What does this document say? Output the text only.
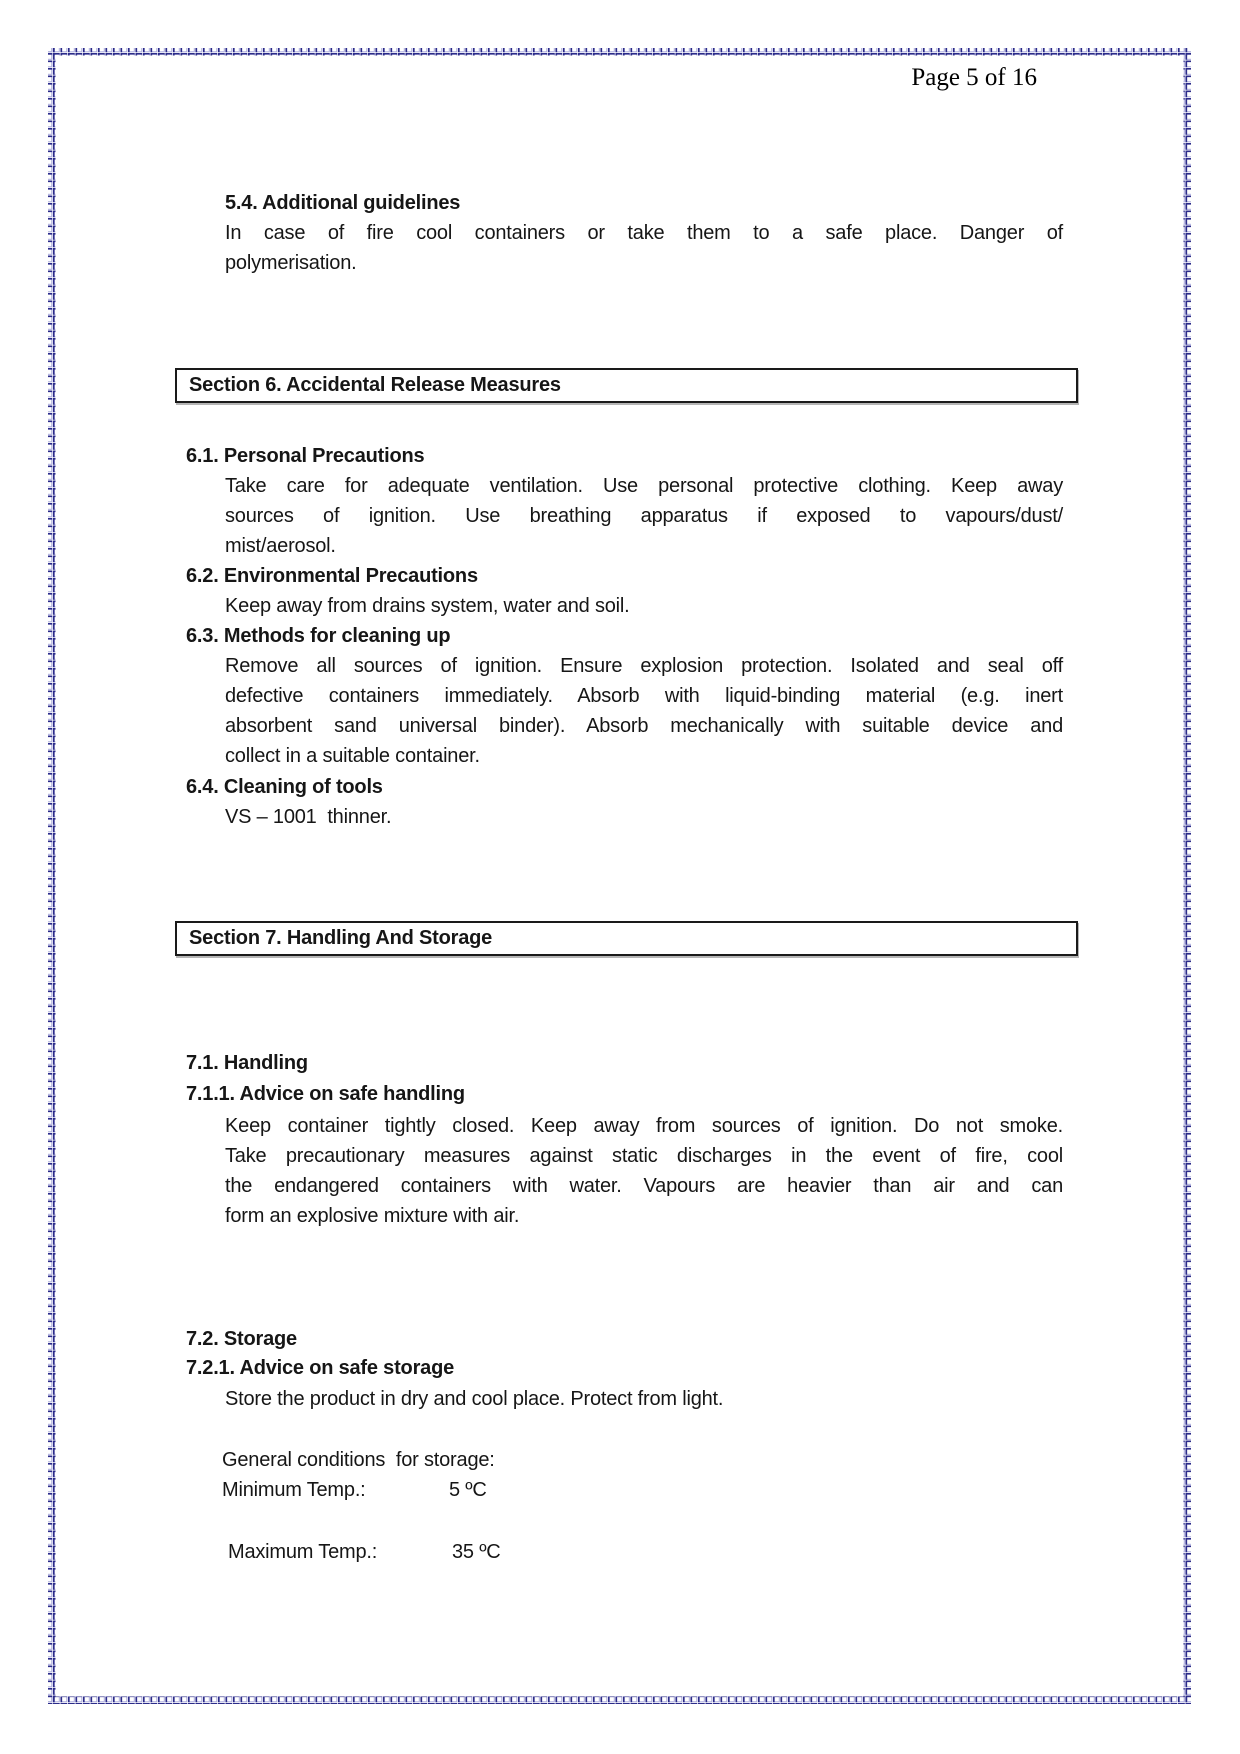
Page 5 of 16
5.4. Additional guidelines
In case of fire cool containers or take them to a safe place. Danger of
polymerisation.
Section 6. Accidental Release Measures
6.1. Personal Precautions
Take care for adequate ventilation. Use personal protective clothing. Keep away
sources of ignition. Use breathing apparatus if exposed to vapours/dust/
mist/aerosol.
6.2. Environmental Precautions
Keep away from drains system, water and soil.
6.3. Methods for cleaning up
Remove all sources of ignition. Ensure explosion protection. Isolated and seal off
defective containers immediately. Absorb with liquid-binding material (e.g. inert
absorbent sand universal binder). Absorb mechanically with suitable device and
collect in a suitable container.
6.4. Cleaning of tools
VS – 1001  thinner.
Section 7. Handling And Storage
7.1. Handling
7.1.1. Advice on safe handling
Keep container tightly closed. Keep away from sources of ignition. Do not smoke.
Take precautionary measures against static discharges in the event of fire, cool
the endangered containers with water. Vapours are heavier than air and can
form an explosive mixture with air.
7.2. Storage
7.2.1. Advice on safe storage
Store the product in dry and cool place. Protect from light.
General conditions  for storage:
Minimum Temp.:	5 ºC
Maximum Temp.:	35 ºC
